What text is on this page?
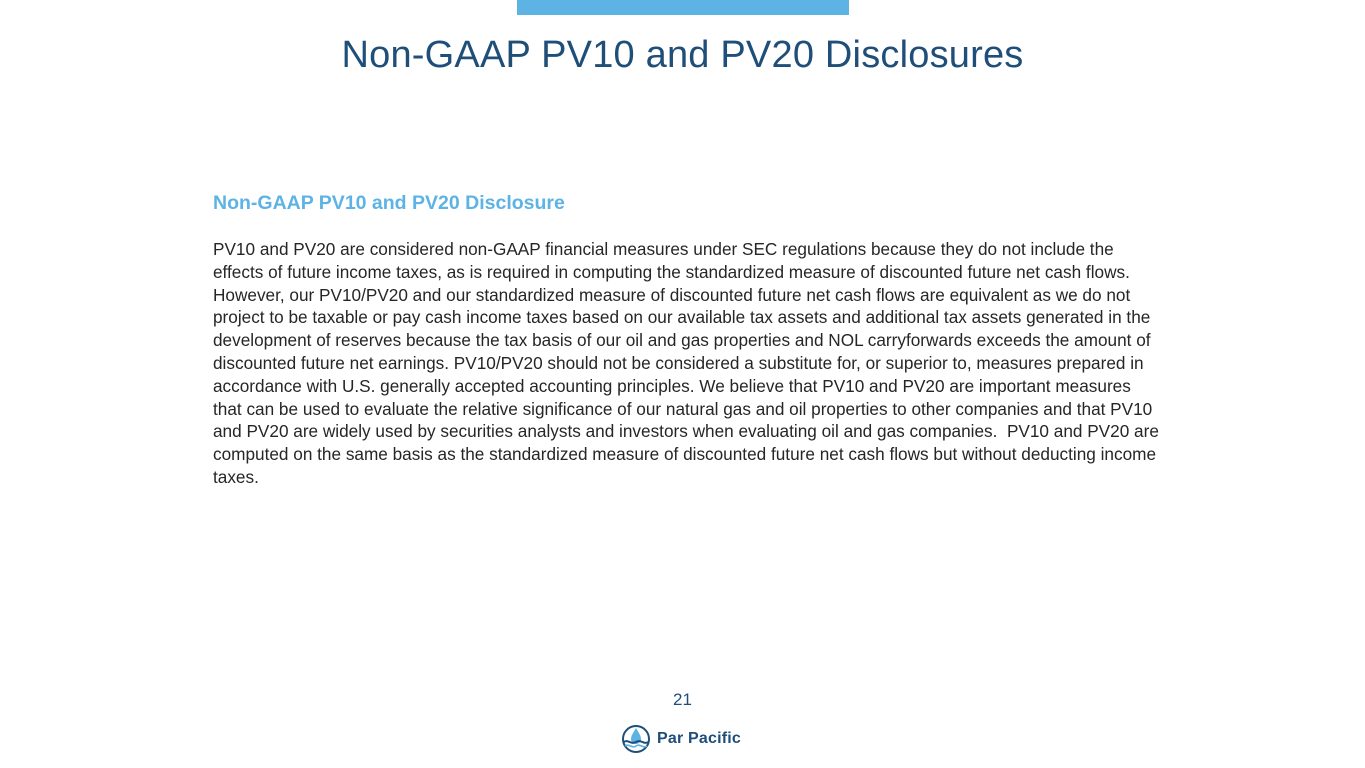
Non-GAAP PV10 and PV20 Disclosures
Non-GAAP PV10 and PV20 Disclosure

PV10 and PV20 are considered non-GAAP financial measures under SEC regulations because they do not include the effects of future income taxes, as is required in computing the standardized measure of discounted future net cash flows. However, our PV10/PV20 and our standardized measure of discounted future net cash flows are equivalent as we do not project to be taxable or pay cash income taxes based on our available tax assets and additional tax assets generated in the development of reserves because the tax basis of our oil and gas properties and NOL carryforwards exceeds the amount of discounted future net earnings. PV10/PV20 should not be considered a substitute for, or superior to, measures prepared in accordance with U.S. generally accepted accounting principles. We believe that PV10 and PV20 are important measures that can be used to evaluate the relative significance of our natural gas and oil properties to other companies and that PV10 and PV20 are widely used by securities analysts and investors when evaluating oil and gas companies.  PV10 and PV20 are computed on the same basis as the standardized measure of discounted future net cash flows but without deducting income taxes.

21
Par Pacific
